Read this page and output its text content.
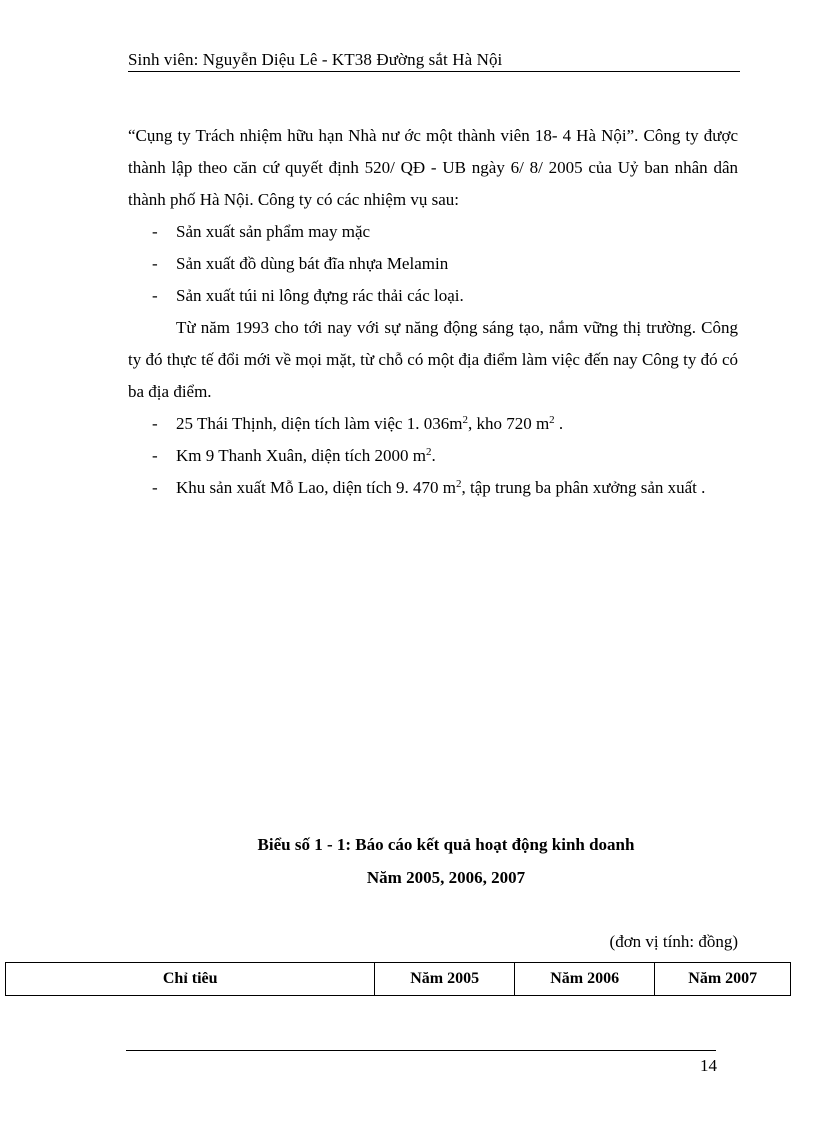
Sinh viên: Nguyễn Diệu Lê - KT38 Đường sắt Hà Nội

“Cụng ty Trách nhiệm hữu hạn Nhà nư ớc một thành viên 18- 4 Hà Nội”. Công ty được thành lập theo căn cứ quyết định 520/ QĐ - UB ngày 6/ 8/ 2005 của Uỷ ban nhân dân thành phố Hà Nội. Công ty có các nhiệm vụ sau:

- Sản xuất sản phẩm may mặc

- Sản xuất đồ dùng bát đĩa nhựa Melamin

- Sản xuất túi ni lông đựng rác thải các loại.

Từ năm 1993 cho tới nay với sự năng động sáng tạo, nắm vững thị trường. Công ty đó thực tế đổi mới về mọi mặt, từ chỗ có một địa điểm làm việc đến nay Công ty đó có ba địa điểm.

- 25 Thái Thịnh, diện tích làm việc 1. $036m^2$, kho 720 $m^2$ .

- Km 9 Thanh Xuân, diện tích 2000 $m^2$.

- Khu sản xuất Mỗ Lao, diện tích 9. 470 $m^2$, tập trung ba phân xưởng sản xuất .

Biểu số 1 - 1: Báo cáo kết quả hoạt động kinh doanh
Năm 2005, 2006, 2007
(đơn vị tính: đồng)
Chỉ tiêu	Năm 2005	Năm 2006	Năm 2007
14
